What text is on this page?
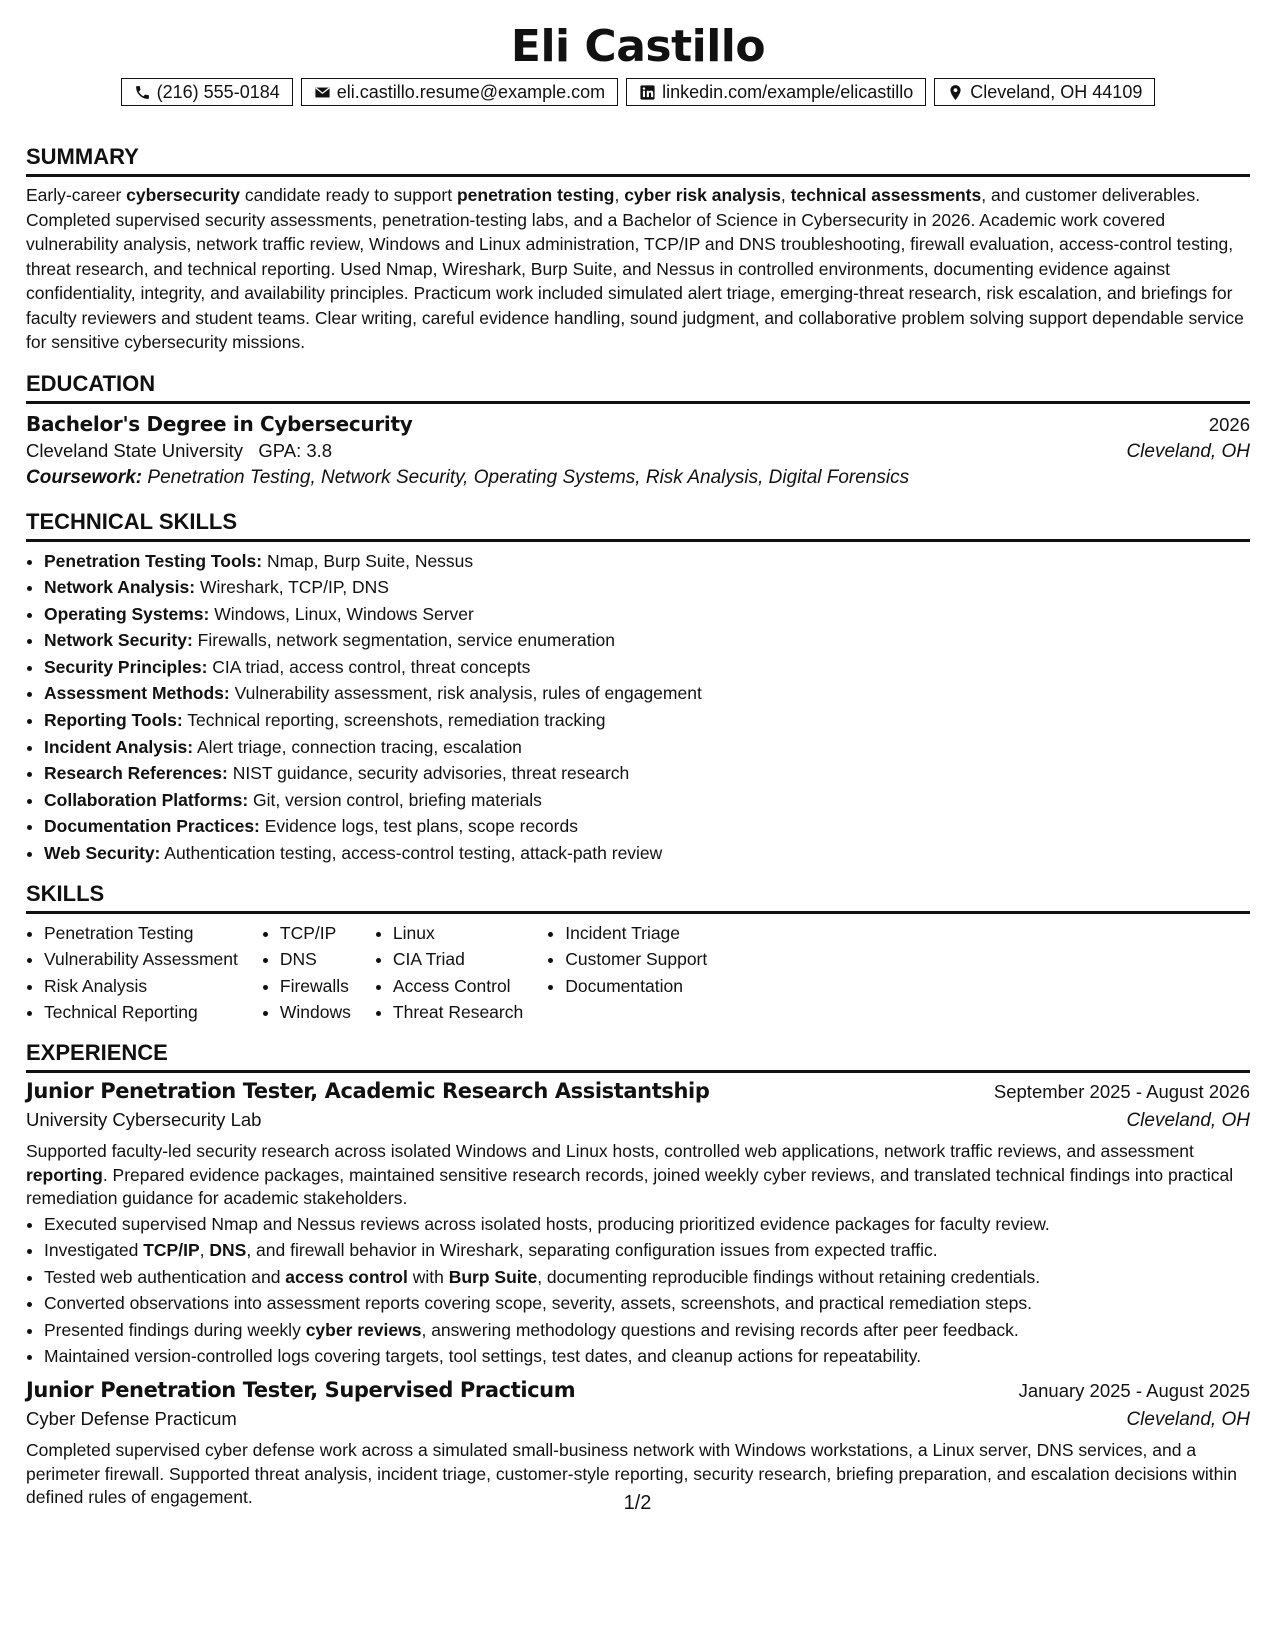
Eli Castillo
(216) 555-0184	eli.castillo.resume@example.com	linkedin.com/example/elicastillo	Cleveland, OH 44109
SUMMARY
Early-career cybersecurity candidate ready to support penetration testing, cyber risk analysis, technical assessments, and customer deliverables. Completed supervised security assessments, penetration-testing labs, and a Bachelor of Science in Cybersecurity in 2026. Academic work covered vulnerability analysis, network traffic review, Windows and Linux administration, TCP/IP and DNS troubleshooting, firewall evaluation, access-control testing, threat research, and technical reporting. Used Nmap, Wireshark, Burp Suite, and Nessus in controlled environments, documenting evidence against confidentiality, integrity, and availability principles. Practicum work included simulated alert triage, emerging-threat research, risk escalation, and briefings for faculty reviewers and student teams. Clear writing, careful evidence handling, sound judgment, and collaborative problem solving support dependable service for sensitive cybersecurity missions.
EDUCATION
Bachelor's Degree in Cybersecurity	2026
Cleveland State University GPA: 3.8	Cleveland, OH
Coursework: Penetration Testing, Network Security, Operating Systems, Risk Analysis, Digital Forensics
TECHNICAL SKILLS
• Penetration Testing Tools: Nmap, Burp Suite, Nessus
• Network Analysis: Wireshark, TCP/IP, DNS
• Operating Systems: Windows, Linux, Windows Server
• Network Security: Firewalls, network segmentation, service enumeration
• Security Principles: CIA triad, access control, threat concepts
• Assessment Methods: Vulnerability assessment, risk analysis, rules of engagement
• Reporting Tools: Technical reporting, screenshots, remediation tracking
• Incident Analysis: Alert triage, connection tracing, escalation
• Research References: NIST guidance, security advisories, threat research
• Collaboration Platforms: Git, version control, briefing materials
• Documentation Practices: Evidence logs, test plans, scope records
• Web Security: Authentication testing, access-control testing, attack-path review
SKILLS
• Penetration Testing
• Vulnerability Assessment
• Risk Analysis
• Technical Reporting
• TCP/IP
• DNS
• Firewalls
• Windows
• Linux
• CIA Triad
• Access Control
• Threat Research
• Incident Triage
• Customer Support
• Documentation
EXPERIENCE
Junior Penetration Tester, Academic Research Assistantship	September 2025 - August 2026
University Cybersecurity Lab	Cleveland, OH
Supported faculty-led security research across isolated Windows and Linux hosts, controlled web applications, network traffic reviews, and assessment reporting. Prepared evidence packages, maintained sensitive research records, joined weekly cyber reviews, and translated technical findings into practical remediation guidance for academic stakeholders.
• Executed supervised Nmap and Nessus reviews across isolated hosts, producing prioritized evidence packages for faculty review.
• Investigated TCP/IP, DNS, and firewall behavior in Wireshark, separating configuration issues from expected traffic.
• Tested web authentication and access control with Burp Suite, documenting reproducible findings without retaining credentials.
• Converted observations into assessment reports covering scope, severity, assets, screenshots, and practical remediation steps.
• Presented findings during weekly cyber reviews, answering methodology questions and revising records after peer feedback.
• Maintained version-controlled logs covering targets, tool settings, test dates, and cleanup actions for repeatability.
Junior Penetration Tester, Supervised Practicum	January 2025 - August 2025
Cyber Defense Practicum	Cleveland, OH
Completed supervised cyber defense work across a simulated small-business network with Windows workstations, a Linux server, DNS services, and a perimeter firewall. Supported threat analysis, incident triage, customer-style reporting, security research, briefing preparation, and escalation decisions within defined rules of engagement.	1/2
